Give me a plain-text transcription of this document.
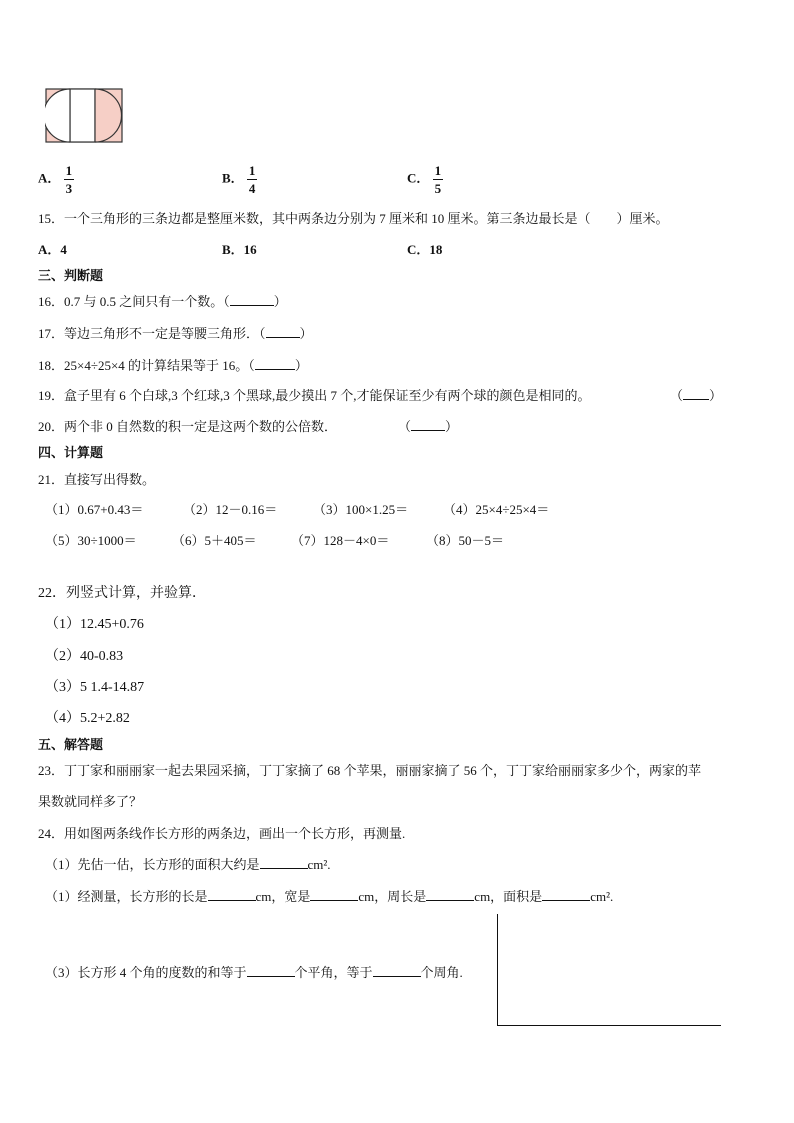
A． $\frac{1}{3}$	B． $\frac{1}{4}$	C． $\frac{1}{5}$
15．一个三角形的三条边都是整厘米数，其中两条边分别为 7 厘米和 10 厘米。第三条边最长是（　　）厘米。
A．4	B．16	C．18
三、判断题
16．0.7 与 0.5 之间只有一个数。（	）
17．等边三角形不一定是等腰三角形．（	）
18．25×4÷25×4 的计算结果等于 16。（	）
19．盒子里有 6 个白球,3 个红球,3 个黑球,最少摸出 7 个,才能保证至少有两个球的颜色是相同的。	（ ）
20．两个非 0 自然数的积一定是这两个数的公倍数．	（	）
四、计算题
21．直接写出得数。
（1）0.67+0.43＝	（2）12－0.16＝	（3）100×1.25＝	（4）25×4÷25×4＝
（5）30÷1000＝	（6）5＋405＝	（7）128－4×0＝	（8）50－5＝
22．列竖式计算，并验算．
（1）12.45+0.76
（2）40-0.83
（3）5 1.4-14.87
（4）5.2+2.82
五、解答题
23．丁丁家和丽丽家一起去果园采摘，丁丁家摘了 68 个苹果，丽丽家摘了 56 个，丁丁家给丽丽家多少个，两家的苹
果数就同样多了？
24．用如图两条线作长方形的两条边，画出一个长方形，再测量.
（1）先估一估，长方形的面积大约是	cm².
（1）经测量，长方形的长是	cm，宽是	cm，周长是	cm，面积是	cm².
（3）长方形 4 个角的度数的和等于	个平角，等于	个周角.
